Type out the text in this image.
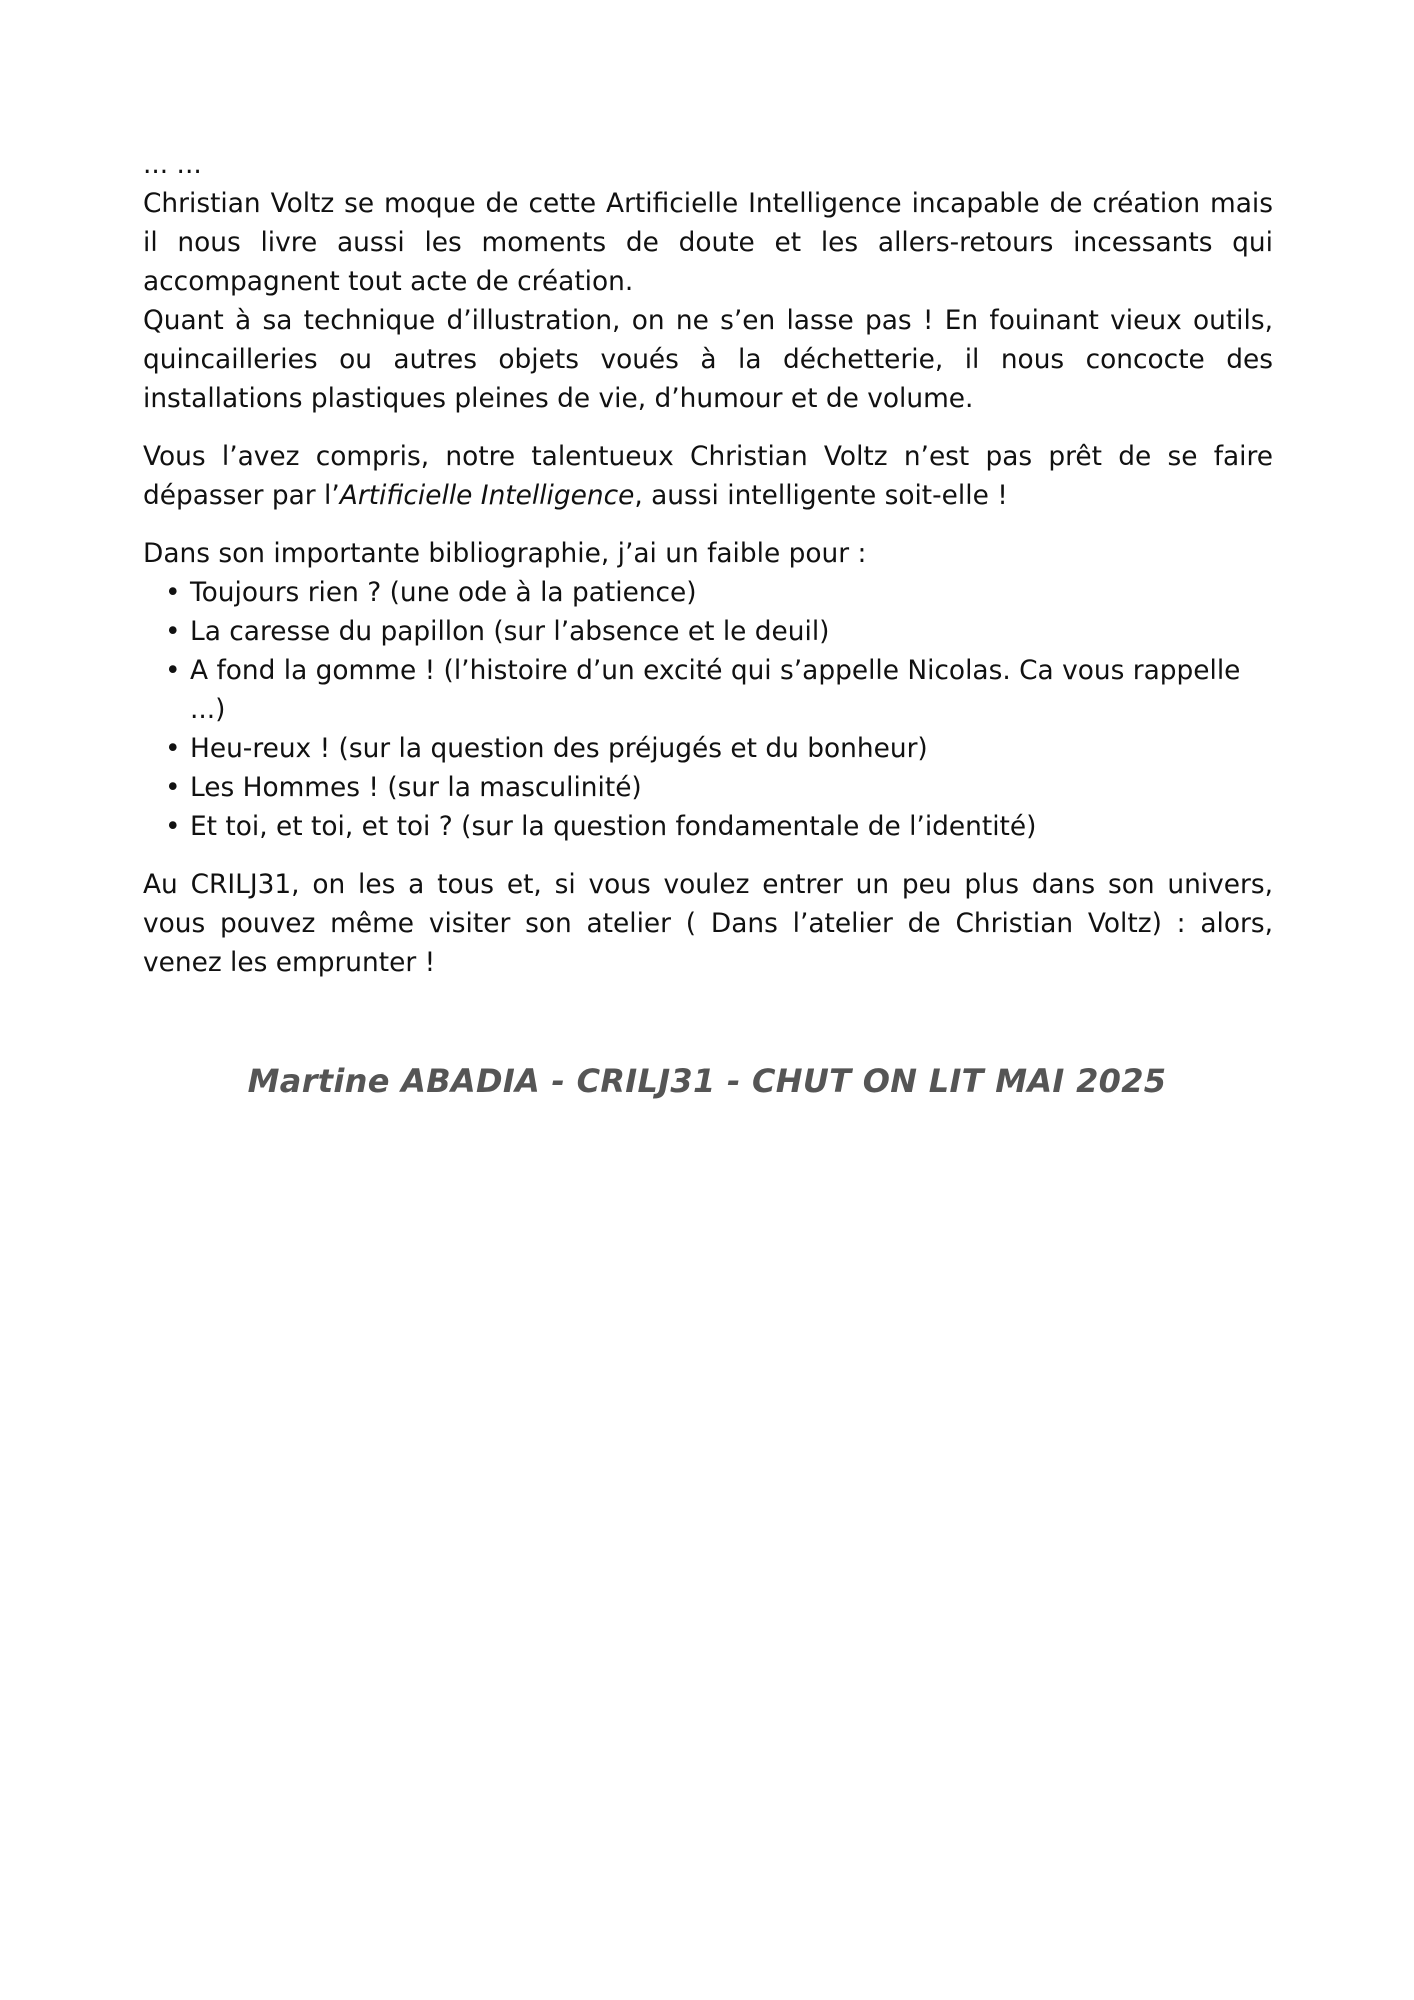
... ...

Christian Voltz se moque de cette Artificielle Intelligence incapable de création mais il nous livre aussi les moments de doute et les allers-retours incessants qui accompagnent tout acte de création.

Quant à sa technique d’illustration, on ne s’en lasse pas ! En fouinant vieux outils, quincailleries ou autres objets voués à la déchetterie, il nous concocte des installations plastiques pleines de vie, d’humour et de volume.

Vous l’avez compris, notre talentueux Christian Voltz n’est pas prêt de se faire dépasser par l’Artificielle Intelligence, aussi intelligente soit-elle !

Dans son importante bibliographie, j’ai un faible pour :

• Toujours rien ? (une ode à la patience)
• La caresse du papillon (sur l’absence et le deuil)
• A fond la gomme ! (l’histoire d’un excité qui s’appelle Nicolas. Ca vous rappelle ...)
• Heu-reux ! (sur la question des préjugés et du bonheur)
• Les Hommes ! (sur la masculinité)
• Et toi, et toi, et toi ? (sur la question fondamentale de l’identité)

Au CRILJ31, on les a tous et, si vous voulez entrer un peu plus dans son univers, vous pouvez même visiter son atelier ( Dans l’atelier de Christian Voltz) : alors, venez les emprunter !

Martine ABADIA - CRILJ31 - CHUT ON LIT MAI 2025
